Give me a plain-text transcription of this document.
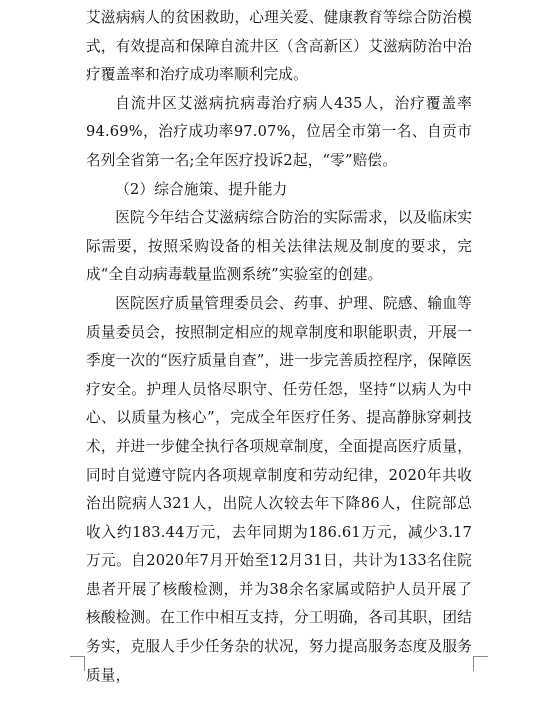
艾滋病病人的贫困救助，心理关爱、健康教育等综合防治模式，有效提高和保障自流井区（含高新区）艾滋病防治中治疗覆盖率和治疗成功率顺利完成。

自流井区艾滋病抗病毒治疗病人435人，治疗覆盖率94.69%，治疗成功率97.07%，位居全市第一名、自贡市名列全省第一名;全年医疗投诉2起，“零”赔偿。

（2）综合施策、提升能力

医院今年结合艾滋病综合防治的实际需求，以及临床实际需要，按照采购设备的相关法律法规及制度的要求，完成“全自动病毒载量监测系统”实验室的创建。

医院医疗质量管理委员会、药事、护理、院感、输血等质量委员会，按照制定相应的规章制度和职能职责，开展一季度一次的“医疗质量自查”，进一步完善质控程序，保障医疗安全。护理人员恪尽职守、任劳任怨，坚持“以病人为中心、以质量为核心”，完成全年医疗任务、提高静脉穿刺技术，并进一步健全执行各项规章制度，全面提高医疗质量，同时自觉遵守院内各项规章制度和劳动纪律，2020年共收治出院病人321人，出院人次较去年下降86人，住院部总收入约183.44万元，去年同期为186.61万元，减少3.17万元。自2020年7月开始至12月31日，共计为133名住院患者开展了核酸检测，并为38余名家属或陪护人员开展了核酸检测。在工作中相互支持，分工明确，各司其职，团结务实，克服人手少任务杂的状况，努力提高服务态度及服务质量，
